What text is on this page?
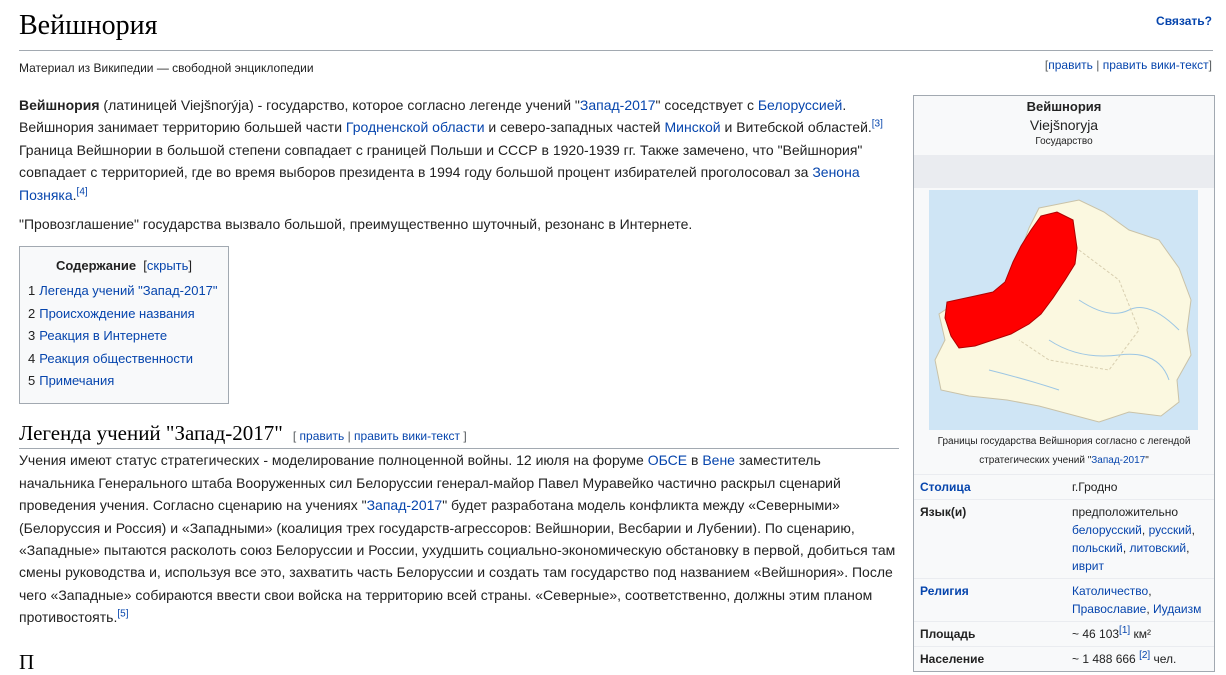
Вейшнория	Связать?
Материал из Википедии — свободной энциклопедии	[править | править вики-текст]

Вейшнория (латиницей Viejšnorýja) - государство, которое согласно легенде учений "Запад-2017" соседствует с Белоруссией. Вейшнория занимает территорию большей части Гродненской области и северо-западных частей Минской и Витебской областей.[3] Граница Вейшнории в большой степени совпадает с границей Польши и СССР в 1920-1939 гг. Также замечено, что "Вейшнория" совпадает с территорией, где во время выборов президента в 1994 году большой процент избирателей проголосовал за Зенона Позняка.[4]

"Провозглашение" государства вызвало большой, преимущественно шуточный, резонанс в Интернете.

Содержание  [скрыть]
1 Легенда учений "Запад-2017"
2 Происхождение названия
3 Реакция в Интернете
4 Реакция общественности
5 Примечания
Легенда учений "Запад-2017" [ править | править вики-текст ]

Учения имеют статус стратегических - моделирование полноценной войны. 12 июля на форуме ОБСЕ в Вене заместитель начальника Генерального штаба Вооруженных сил Белоруссии генерал-майор Павел Муравейко частично раскрыл сценарий проведения учения. Согласно сценарию на учениях "Запад-2017" будет разработана модель конфликта между «Северными» (Белоруссия и Россия) и «Западными» (коалиция трех государств-агрессоров: Вейшнории, Весбарии и Лубении). По сценарию, «Западные» пытаются расколоть союз Белоруссии и России, ухудшить социально-экономическую обстановку в первой, добиться там смены руководства и, используя все это, захватить часть Белоруссии и создать там государство под названием «Вейшнория». После чего «Западные» собираются ввести свои войска на территорию всей страны. «Северные», соответственно, должны этим планом противостоять.[5]

П
Вейшнория
Viejšnoryja
Государство
Границы государства Вейшнория согласно с легендой стратегических учений "Запад-2017"
Столица	г.Гродно
Язык(и)	предположительно
белорусский, русский, польский, литовский, иврит
Религия	Католичество,
Православие, Иудаизм
Площадь	~ 46 103[1] км²
Население	~ 1 488 666 [2] чел.
